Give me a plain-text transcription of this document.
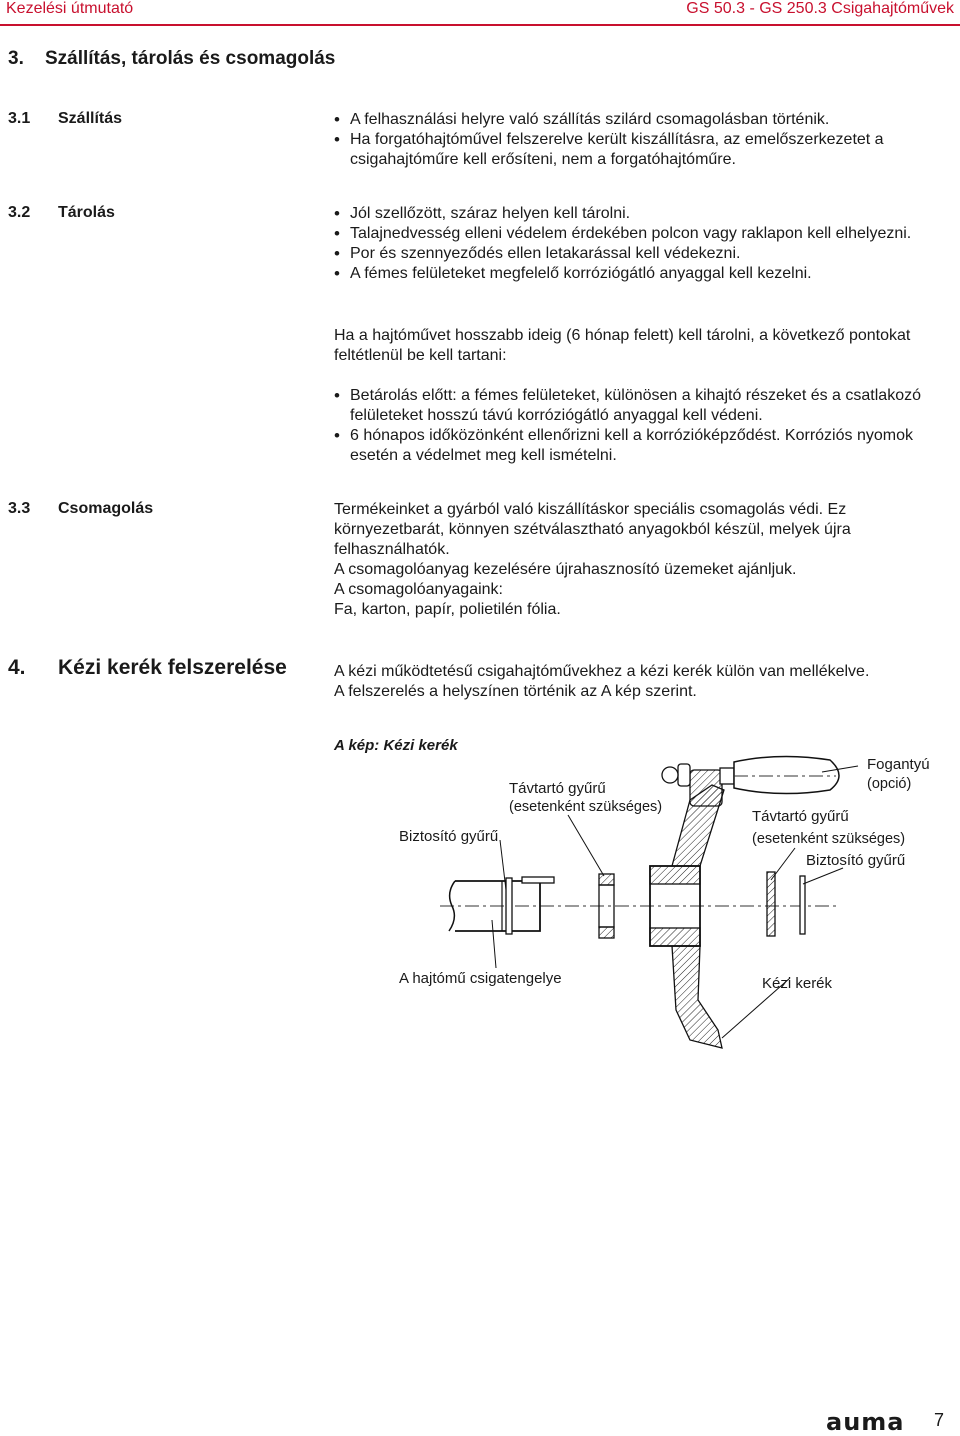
Kezelési útmutató	GS 50.3 - GS 250.3 Csigahajtóművek
3.    Szállítás, tárolás és csomagolás
3.1 Szállítás	• A felhasználási helyre való szállítás szilárd csomagolásban történik.
• Ha forgatóhajtóművel felszerelve került kiszállításra, az emelőszerkezetet a csigahajtóműre kell erősíteni, nem a forgatóhajtóműre.
3.2 Tárolás	• Jól szellőzött, száraz helyen kell tárolni.
• Talajnedvesség elleni védelem érdekében polcon vagy raklapon kell elhelyezni.
• Por és szennyeződés ellen letakarással kell védekezni.
• A fémes felületeket megfelelő korróziógátló anyaggal kell kezelni.

Ha a hajtóművet hosszabb ideig (6 hónap felett) kell tárolni, a következő pontokat feltétlenül be kell tartani:

• Betárolás előtt: a fémes felületeket, különösen a kihajtó részeket és a csatlakozó felületeket hosszú távú korróziógátló anyaggal kell védeni.
• 6 hónapos időközönként ellenőrizni kell a korrózióképződést. Korróziós nyomok esetén a védelmet meg kell ismételni.
3.3 Csomagolás	Termékeinket a gyárból való kiszállításkor speciális csomagolás védi. Ez környezetbarát, könnyen szétválasztható anyagokból készül, melyek újra felhasználhatók.

A csomagolóanyag kezelésére újrahasznosító üzemeket ajánljuk.

A csomagolóanyagaink:

Fa, karton, papír, polietilén fólia.

4. Kézi kerék felszerelése	A kézi működtetésű csigahajtóművekhez a kézi kerék külön van mellékelve.

A felszerelés a helyszínen történik az A kép szerint.

A kép: Kézi kerék
Távtartó gyűrű
(esetenként szükséges)
Biztosító gyűrű
Fogantyú
(opció)
Távtartó gyűrű
(esetenként szükséges)
Biztosító gyűrű
A hajtómű csigatengelye	Kézi kerék
auma 7
